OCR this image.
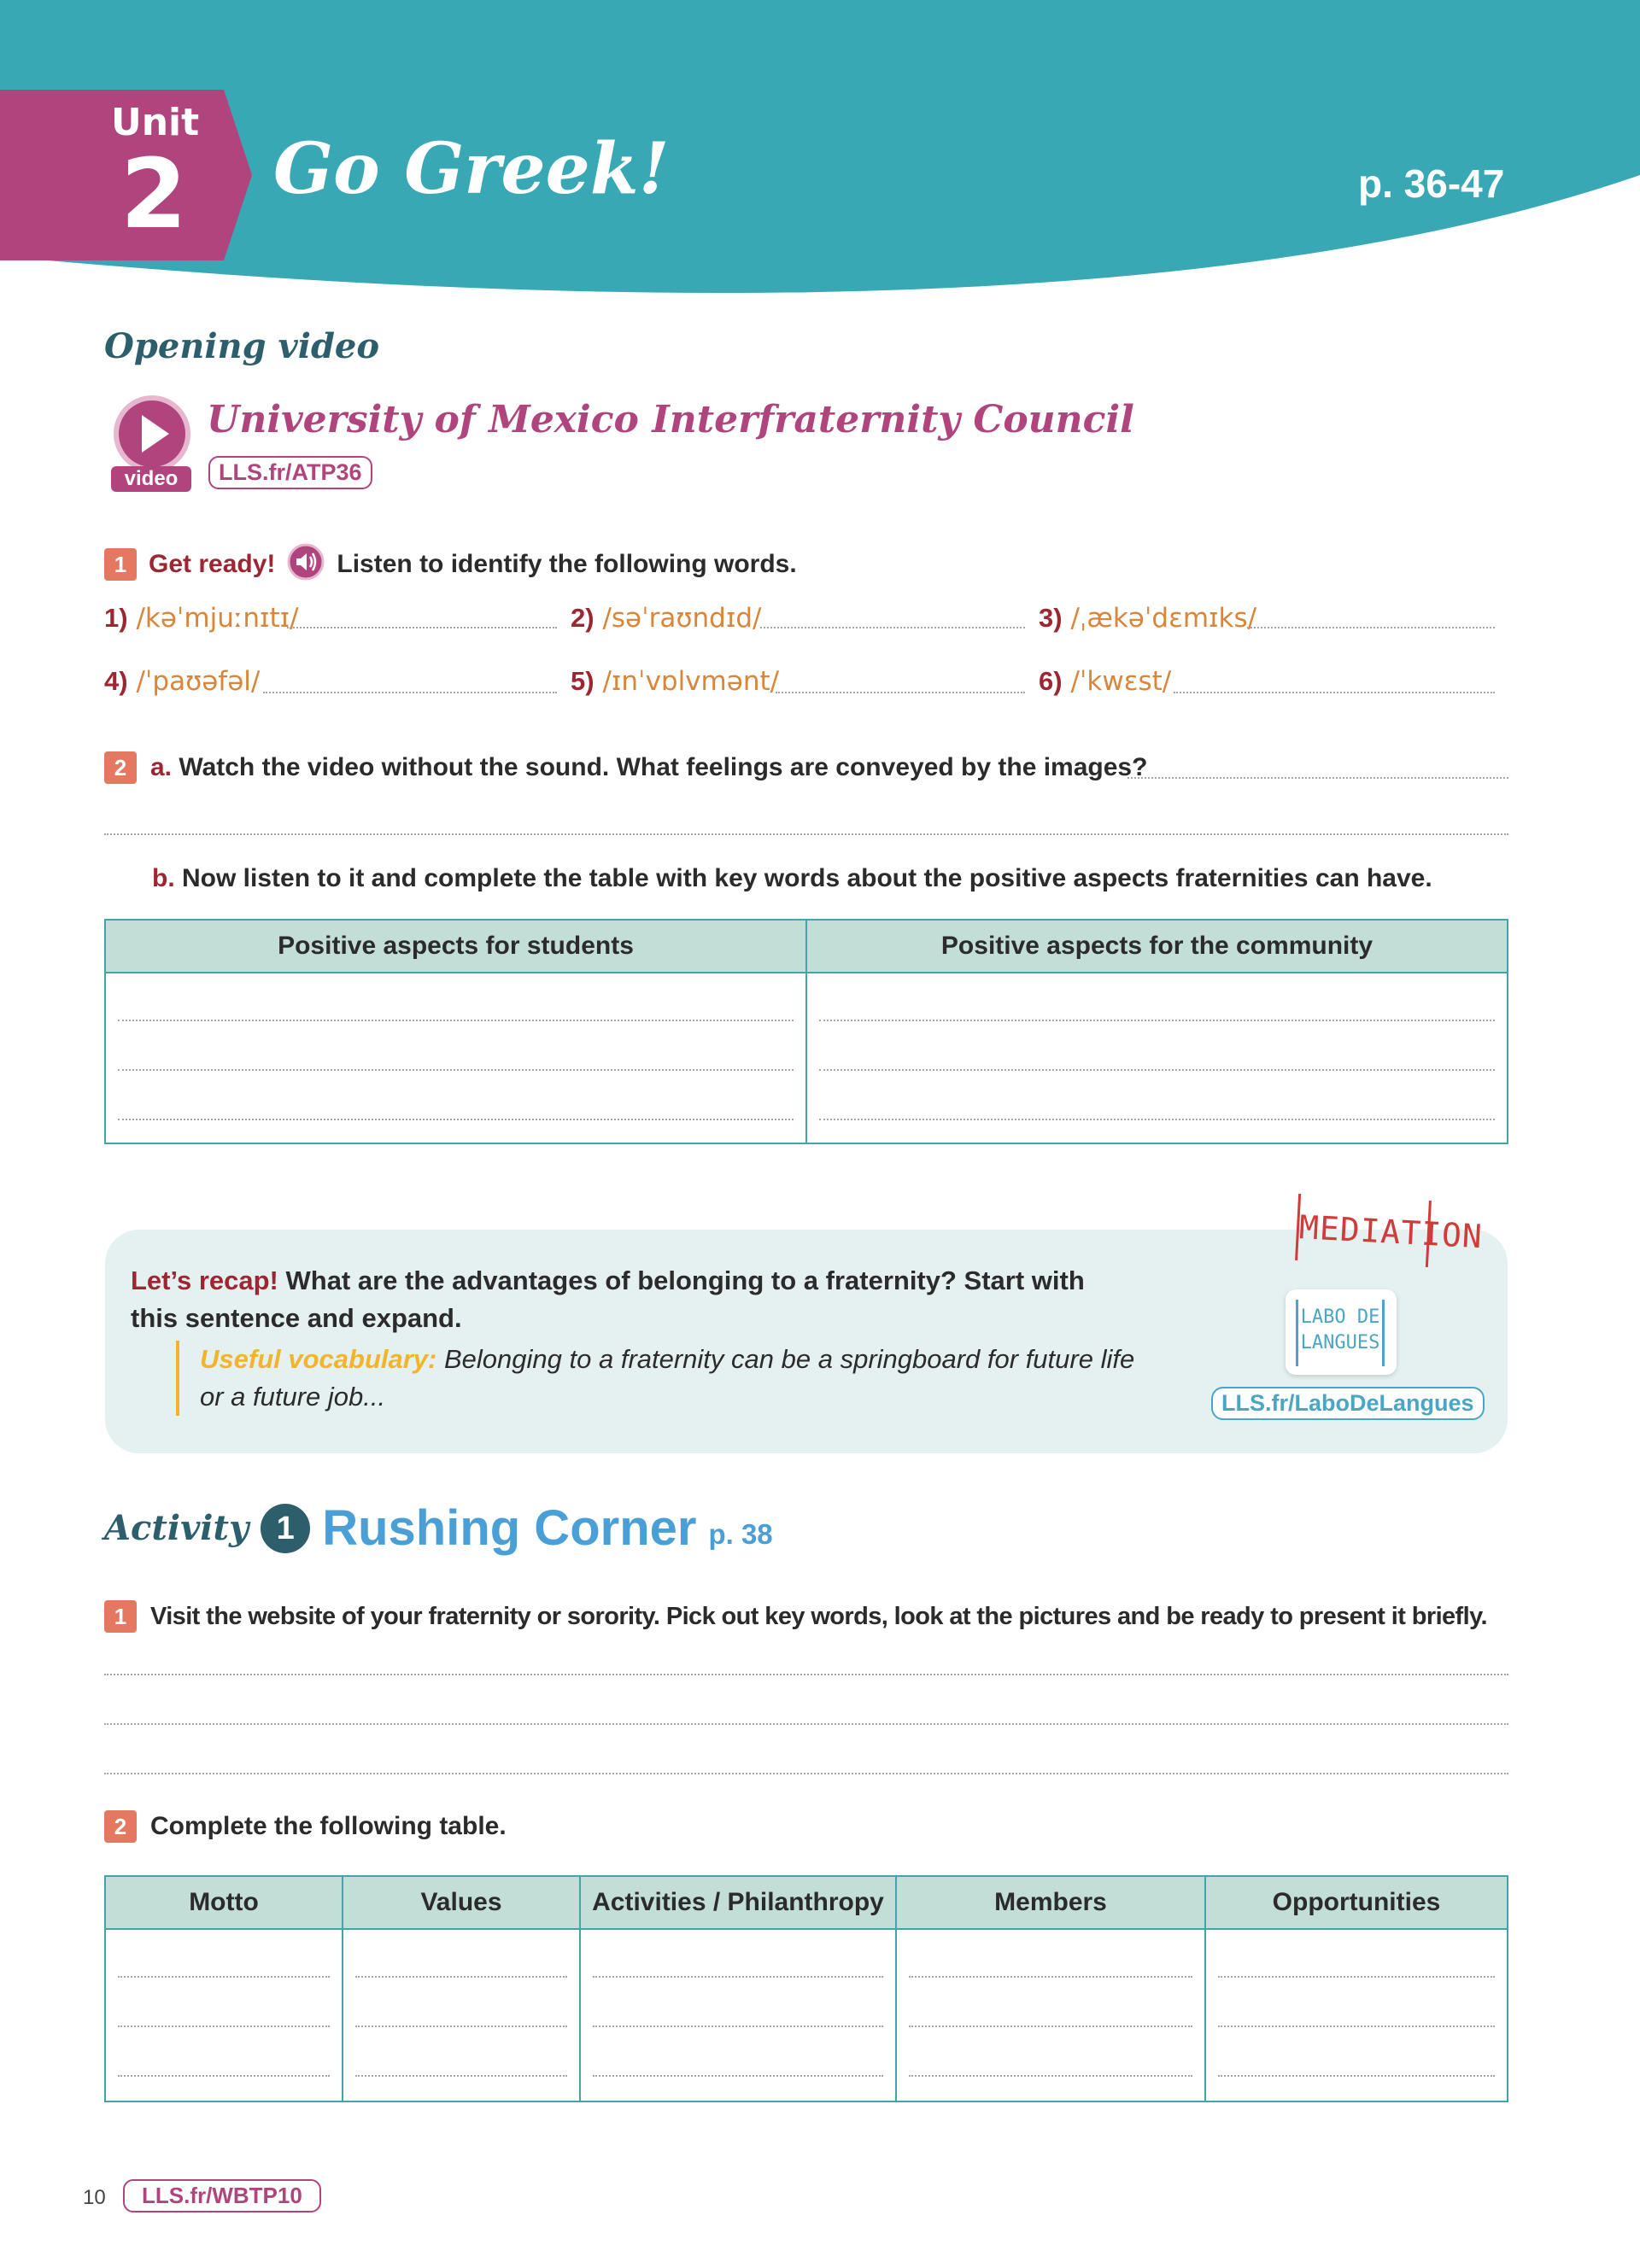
Unit
2 Go Greek!	p. 36-47
Opening video
video
University of Mexico Interfraternity Council
LLS.fr/ATP36
1 Get ready! Listen to identify the following words.
1) /kəˈmjuːnɪtɪ/	2) /səˈraʊndɪd/	3) /ˌækəˈdɛmɪks/
4) /ˈpaʊəfəl/	5) /ɪnˈvɒlvmənt/	6) /ˈkwɛst/
2 a. Watch the video without the sound. What feelings are conveyed by the images?
b. Now listen to it and complete the table with key words about the positive aspects fraternities can have.
Positive aspects for students	Positive aspects for the community

Let’s recap! What are the advantages of belonging to a fraternity? Start with this sentence and expand.
Useful vocabulary: Belonging to a fraternity can be a springboard for future life or a future job...
MEDIATION
LABO DE
LANGUES
LLS.fr/LaboDeLangues
Activity 1 Rushing Corner p. 38
1 Visit the website of your fraternity or sorority. Pick out key words, look at the pictures and be ready to present it briefly.
2 Complete the following table.
Motto	Values	Activities / Philanthropy	Members	Opportunities

10	LLS.fr/WBTP10
